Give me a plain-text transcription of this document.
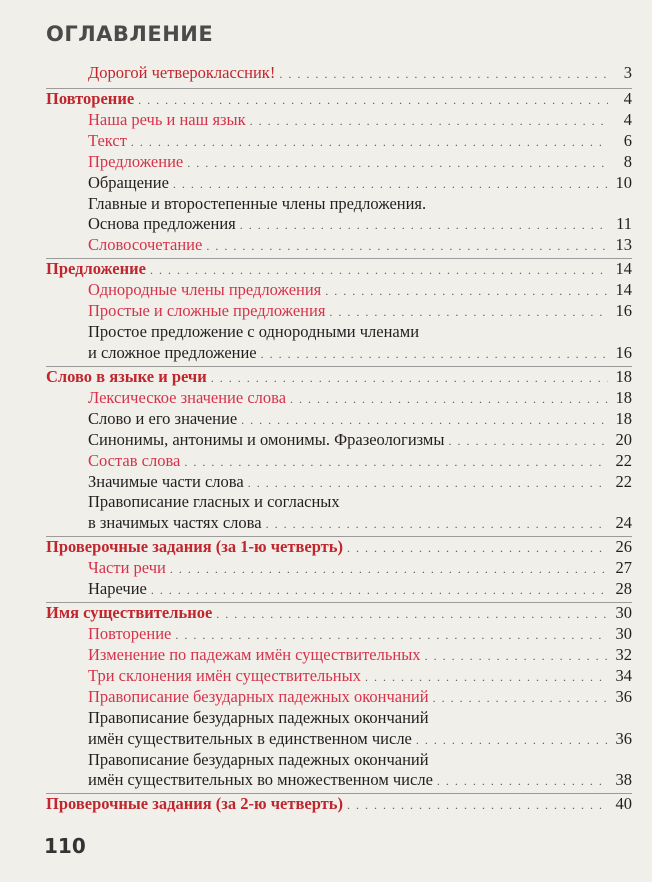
ОГЛАВЛЕНИЕ
Дорогой четвероклассник! . . .	3
Повторение . . .	4
Наша речь и наш язык . . .	4
Текст . . .	6
Предложение . . .	8
Обращение . . .	10
Главные и второстепенные члены предложения.
Основа предложения . . .	11
Словосочетание . . .	13
Предложение . . .	14
Однородные члены предложения . . .	14
Простые и сложные предложения . . .	16
Простое предложение с однородными членами
и сложное предложение . . .	16
Слово в языке и речи . . .	18
Лексическое значение слова . . .	18
Слово и его значение . . .	18
Синонимы, антонимы и омонимы. Фразеологизмы . . .	20
Состав слова . . .	22
Значимые части слова . . .	22
Правописание гласных и согласных
в значимых частях слова . . .	24
Проверочные задания (за 1-ю четверть) . . .	26
Части речи . . .	27
Наречие . . .	28
Имя существительное . . .	30
Повторение . . .	30
Изменение по падежам имён существительных . . .	32
Три склонения имён существительных . . .	34
Правописание безударных падежных окончаний . . .	36
Правописание безударных падежных окончаний
имён существительных в единственном числе . . .	36
Правописание безударных падежных окончаний
имён существительных во множественном числе . . .	38
Проверочные задания (за 2-ю четверть) . . .	40
110
